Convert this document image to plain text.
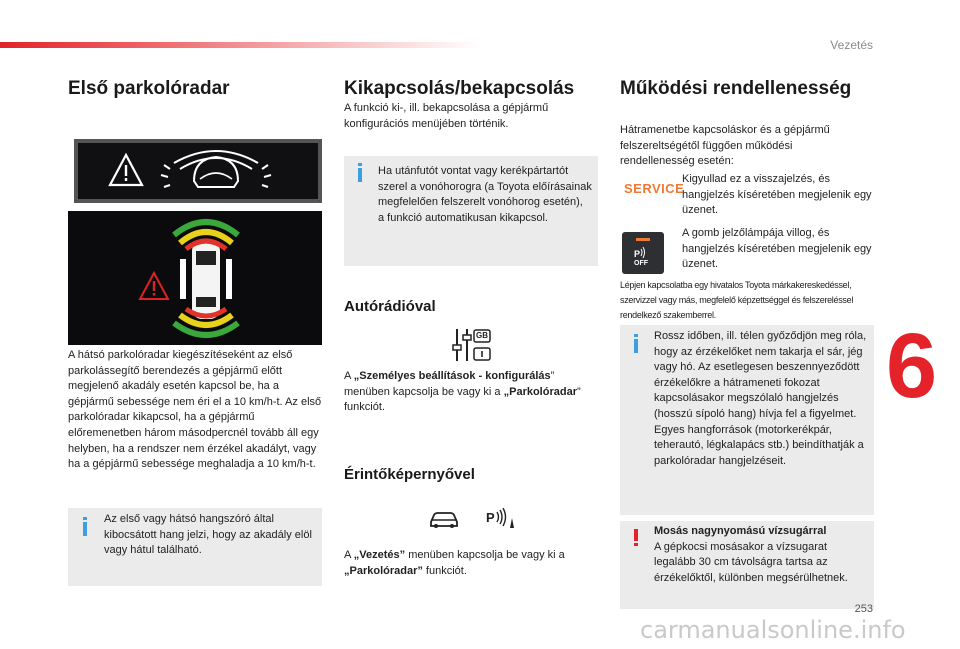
Vezetés
Első parkolóradar
A hátsó parkolóradar kiegészítéseként az első parkolássegítő berendezés a gépjármű előtt megjelenő akadály esetén kapcsol be, ha a gépjármű sebessége nem éri el a 10 km/h-t. Az első parkolóradar kikapcsol, ha a gépjármű előremenetben három másodpercnél tovább áll egy helyben, ha a rendszer nem érzékel akadályt, vagy ha a gépjármű sebessége meghaladja a 10 km/h-t.
Az első vagy hátsó hangszóró által kibocsátott hang jelzi, hogy az akadály elöl vagy hátul található.
Kikapcsolás/bekapcsolás
A funkció ki-, ill. bekapcsolása a gépjármű konfigurációs menüjében történik.
Ha utánfutót vontat vagy kerékpártartót szerel a vonóhorogra (a Toyota előírásainak megfelelően felszerelt vonóhorog esetén), a funkció automatikusan kikapcsol.
Autórádióval
GB
A „Személyes beállítások - konfigurálás” menüben kapcsolja be vagy ki a „Parkolóradar” funkciót.
Érintőképernyővel
P
A „Vezetés” menüben kapcsolja be vagy ki a „Parkolóradar” funkciót.
Működési rendellenesség
Hátramenetbe kapcsoláskor és a gépjármű felszereltségétől függően működési rendellenesség esetén:
SERVICE
Kigyullad ez a visszajelzés, és hangjelzés kíséretében megjelenik egy üzenet.
P
OFF
A gomb jelzőlámpája villog, és hangjelzés kíséretében megjelenik egy üzenet.
Lépjen kapcsolatba egy hivatalos Toyota márkakereskedéssel, szervizzel vagy más, megfelelő képzettséggel és felszereléssel rendelkező szakemberrel.
Rossz időben, ill. télen győződjön meg róla, hogy az érzékelőket nem takarja el sár, jég vagy hó. Az esetlegesen beszennyeződött érzékelőkre a hátrameneti fokozat kapcsolásakor megszólaló hangjelzés (hosszú sípoló hang) hívja fel a figyelmet. Egyes hangforrások (motorkerékpár, teherautó, légkalapács stb.) beindíthatják a parkolóradar hangjelzéseit.
Mosás nagynyomású vízsugárral
A gépkocsi mosásakor a vízsugarat legalább 30 cm távolságra tartsa az érzékelőktől, különben megsérülhetnek.
6
253
carmanualsonline.info
